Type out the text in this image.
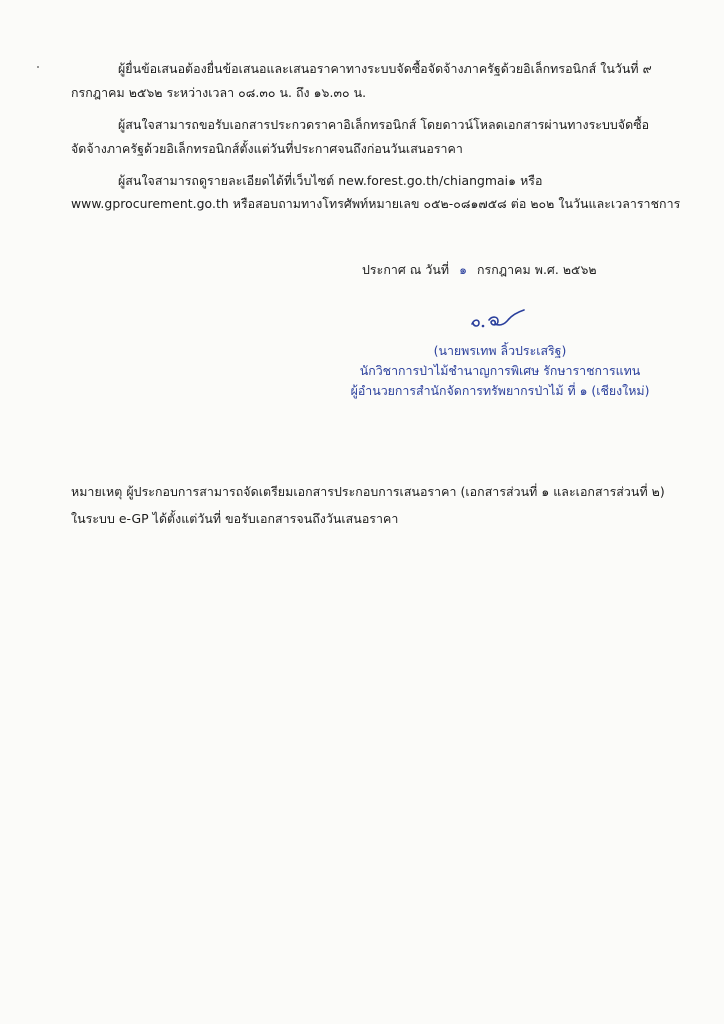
ผู้ยื่นข้อเสนอต้องยื่นข้อเสนอและเสนอราคาทางระบบจัดซื้อจัดจ้างภาครัฐด้วยอิเล็กทรอนิกส์ ในวันที่ ๙
กรกฎาคม ๒๕๖๒ ระหว่างเวลา ๐๘.๓๐ น. ถึง ๑๖.๓๐ น.
ผู้สนใจสามารถขอรับเอกสารประกวดราคาอิเล็กทรอนิกส์ โดยดาวน์โหลดเอกสารผ่านทางระบบจัดซื้อ
จัดจ้างภาครัฐด้วยอิเล็กทรอนิกส์ตั้งแต่วันที่ประกาศจนถึงก่อนวันเสนอราคา
ผู้สนใจสามารถดูรายละเอียดได้ที่เว็บไซต์ new.forest.go.th/chiangmai๑ หรือ
www.gprocurement.go.th หรือสอบถามทางโทรศัพท์หมายเลข ๐๕๒-๐๘๑๗๕๘ ต่อ ๒๐๒ ในวันและเวลาราชการ
ประกาศ ณ วันที่ ๑ กรกฎาคม พ.ศ. ๒๕๖๒
(นายพรเทพ ลิ้วประเสริฐ)
นักวิชาการป่าไม้ชำนาญการพิเศษ รักษาราชการแทน
ผู้อำนวยการสำนักจัดการทรัพยากรป่าไม้ ที่ ๑ (เชียงใหม่)
หมายเหตุ ผู้ประกอบการสามารถจัดเตรียมเอกสารประกอบการเสนอราคา (เอกสารส่วนที่ ๑ และเอกสารส่วนที่ ๒)
ในระบบ e-GP ได้ตั้งแต่วันที่ ขอรับเอกสารจนถึงวันเสนอราคา
